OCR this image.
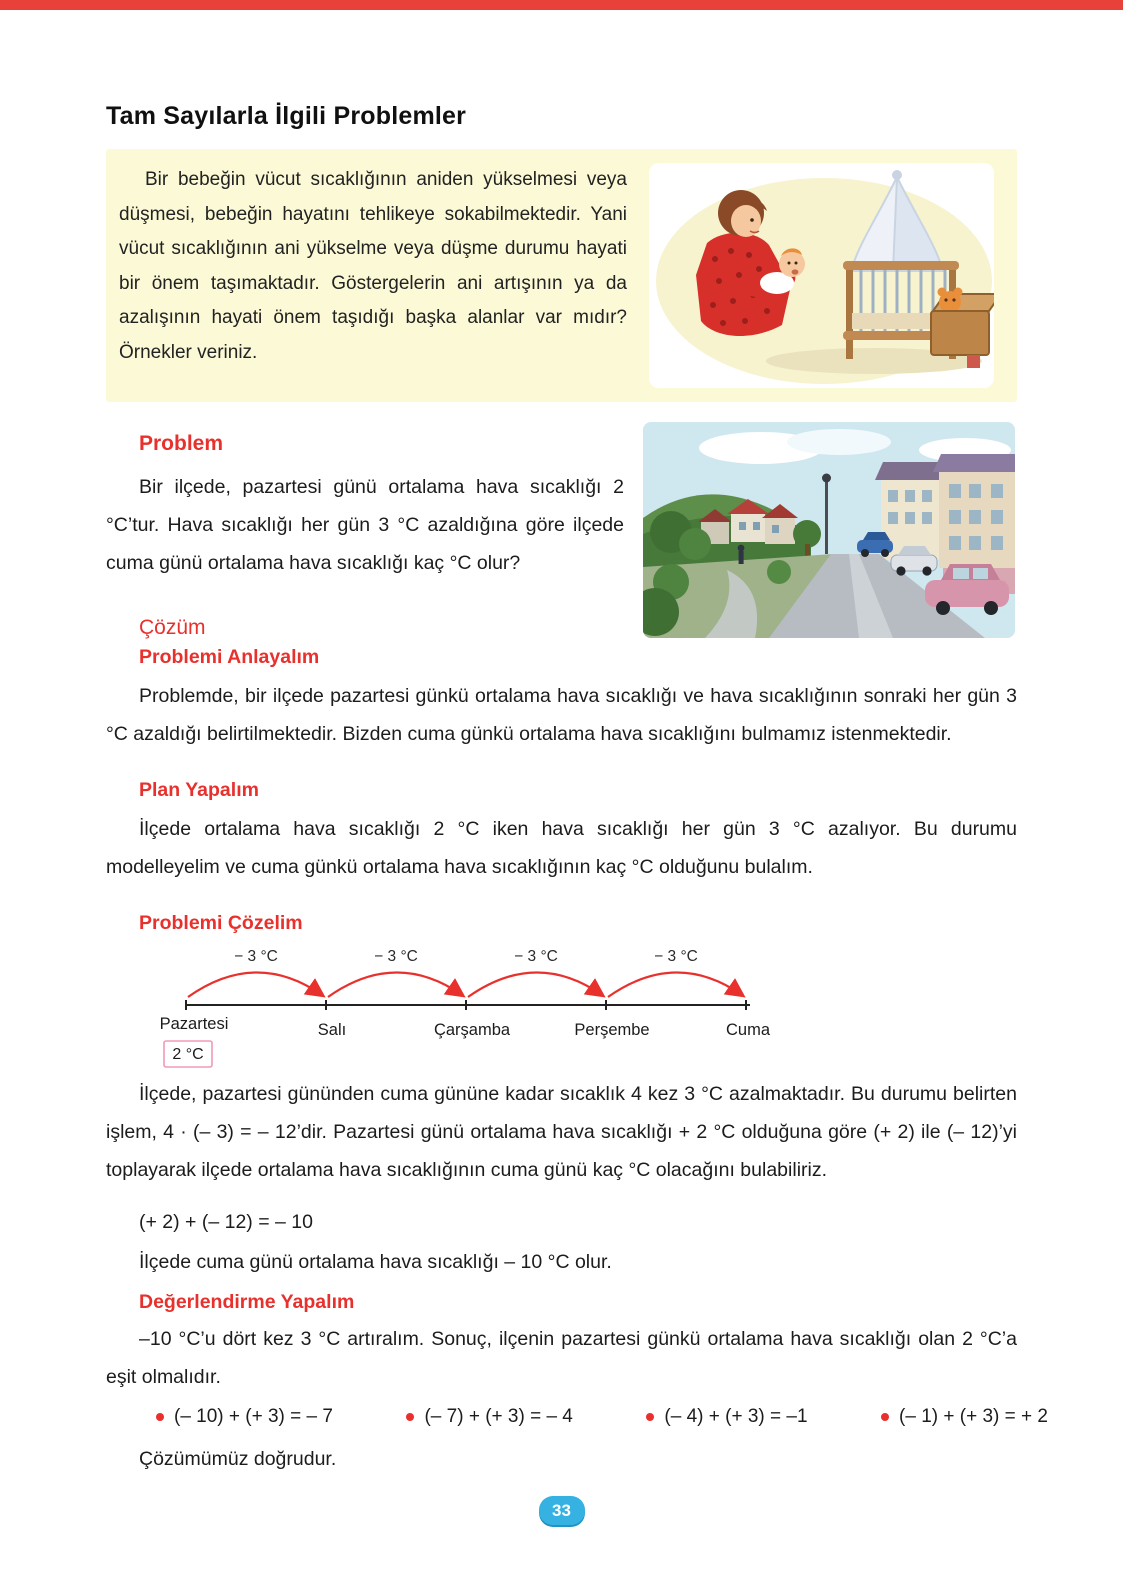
Tam Sayılarla İlgili Problemler

Bir bebeğin vücut sıcaklığının aniden yükselmesi veya düşmesi, bebeğin hayatını tehlikeye sokabilmektedir. Yani vücut sıcaklığının ani yükselme veya düşme durumu hayati bir önem taşımaktadır. Göstergelerin ani artışının ya da azalışının hayati önem taşıdığı başka alanlar var mıdır? Örnekler veriniz.

Problem

Bir ilçede, pazartesi günü ortalama hava sıcaklığı 2 °C’tur. Hava sıcaklığı her gün 3 °C azaldığına göre ilçede cuma günü ortalama hava sıcaklığı kaç °C olur?

Çözüm
Problemi Anlayalım

Problemde, bir ilçede pazartesi günkü ortalama hava sıcaklığı ve hava sıcaklığının sonraki her gün 3 °C azaldığı belirtilmektedir. Bizden cuma günkü ortalama hava sıcaklığını bulmamız istenmektedir.

Plan Yapalım

İlçede ortalama hava sıcaklığı 2 °C iken hava sıcaklığı her gün 3 °C azalıyor. Bu durumu modelleyelim ve cuma günkü ortalama hava sıcaklığının kaç °C olduğunu bulalım.

Problemi Çözelim
− 3 °C	− 3 °C	− 3 °C	− 3 °C
Pazartesi	Salı	Çarşamba	Perşembe	Cuma
2 °C

İlçede, pazartesi gününden cuma gününe kadar sıcaklık 4 kez 3 °C azalmaktadır. Bu durumu belirten işlem, 4 · (– 3) = – 12’dir. Pazartesi günü ortalama hava sıcaklığı + 2 °C olduğuna göre (+ 2) ile (– 12)’yi toplayarak ilçede ortalama hava sıcaklığının cuma günü kaç °C olacağını bulabiliriz.

(+ 2) + (– 12) = – 10

İlçede cuma günü ortalama hava sıcaklığı – 10 °C olur.

Değerlendirme Yapalım

–10 °C’u dört kez 3 °C artıralım. Sonuç, ilçenin pazartesi günkü ortalama hava sıcaklığı olan 2 °C’a eşit olmalıdır.

(– 10) + (+ 3) = – 7	(– 7) + (+ 3) = – 4	(– 4) + (+ 3) = –1	(– 1) + (+ 3) = + 2

Çözümümüz doğrudur.

33
